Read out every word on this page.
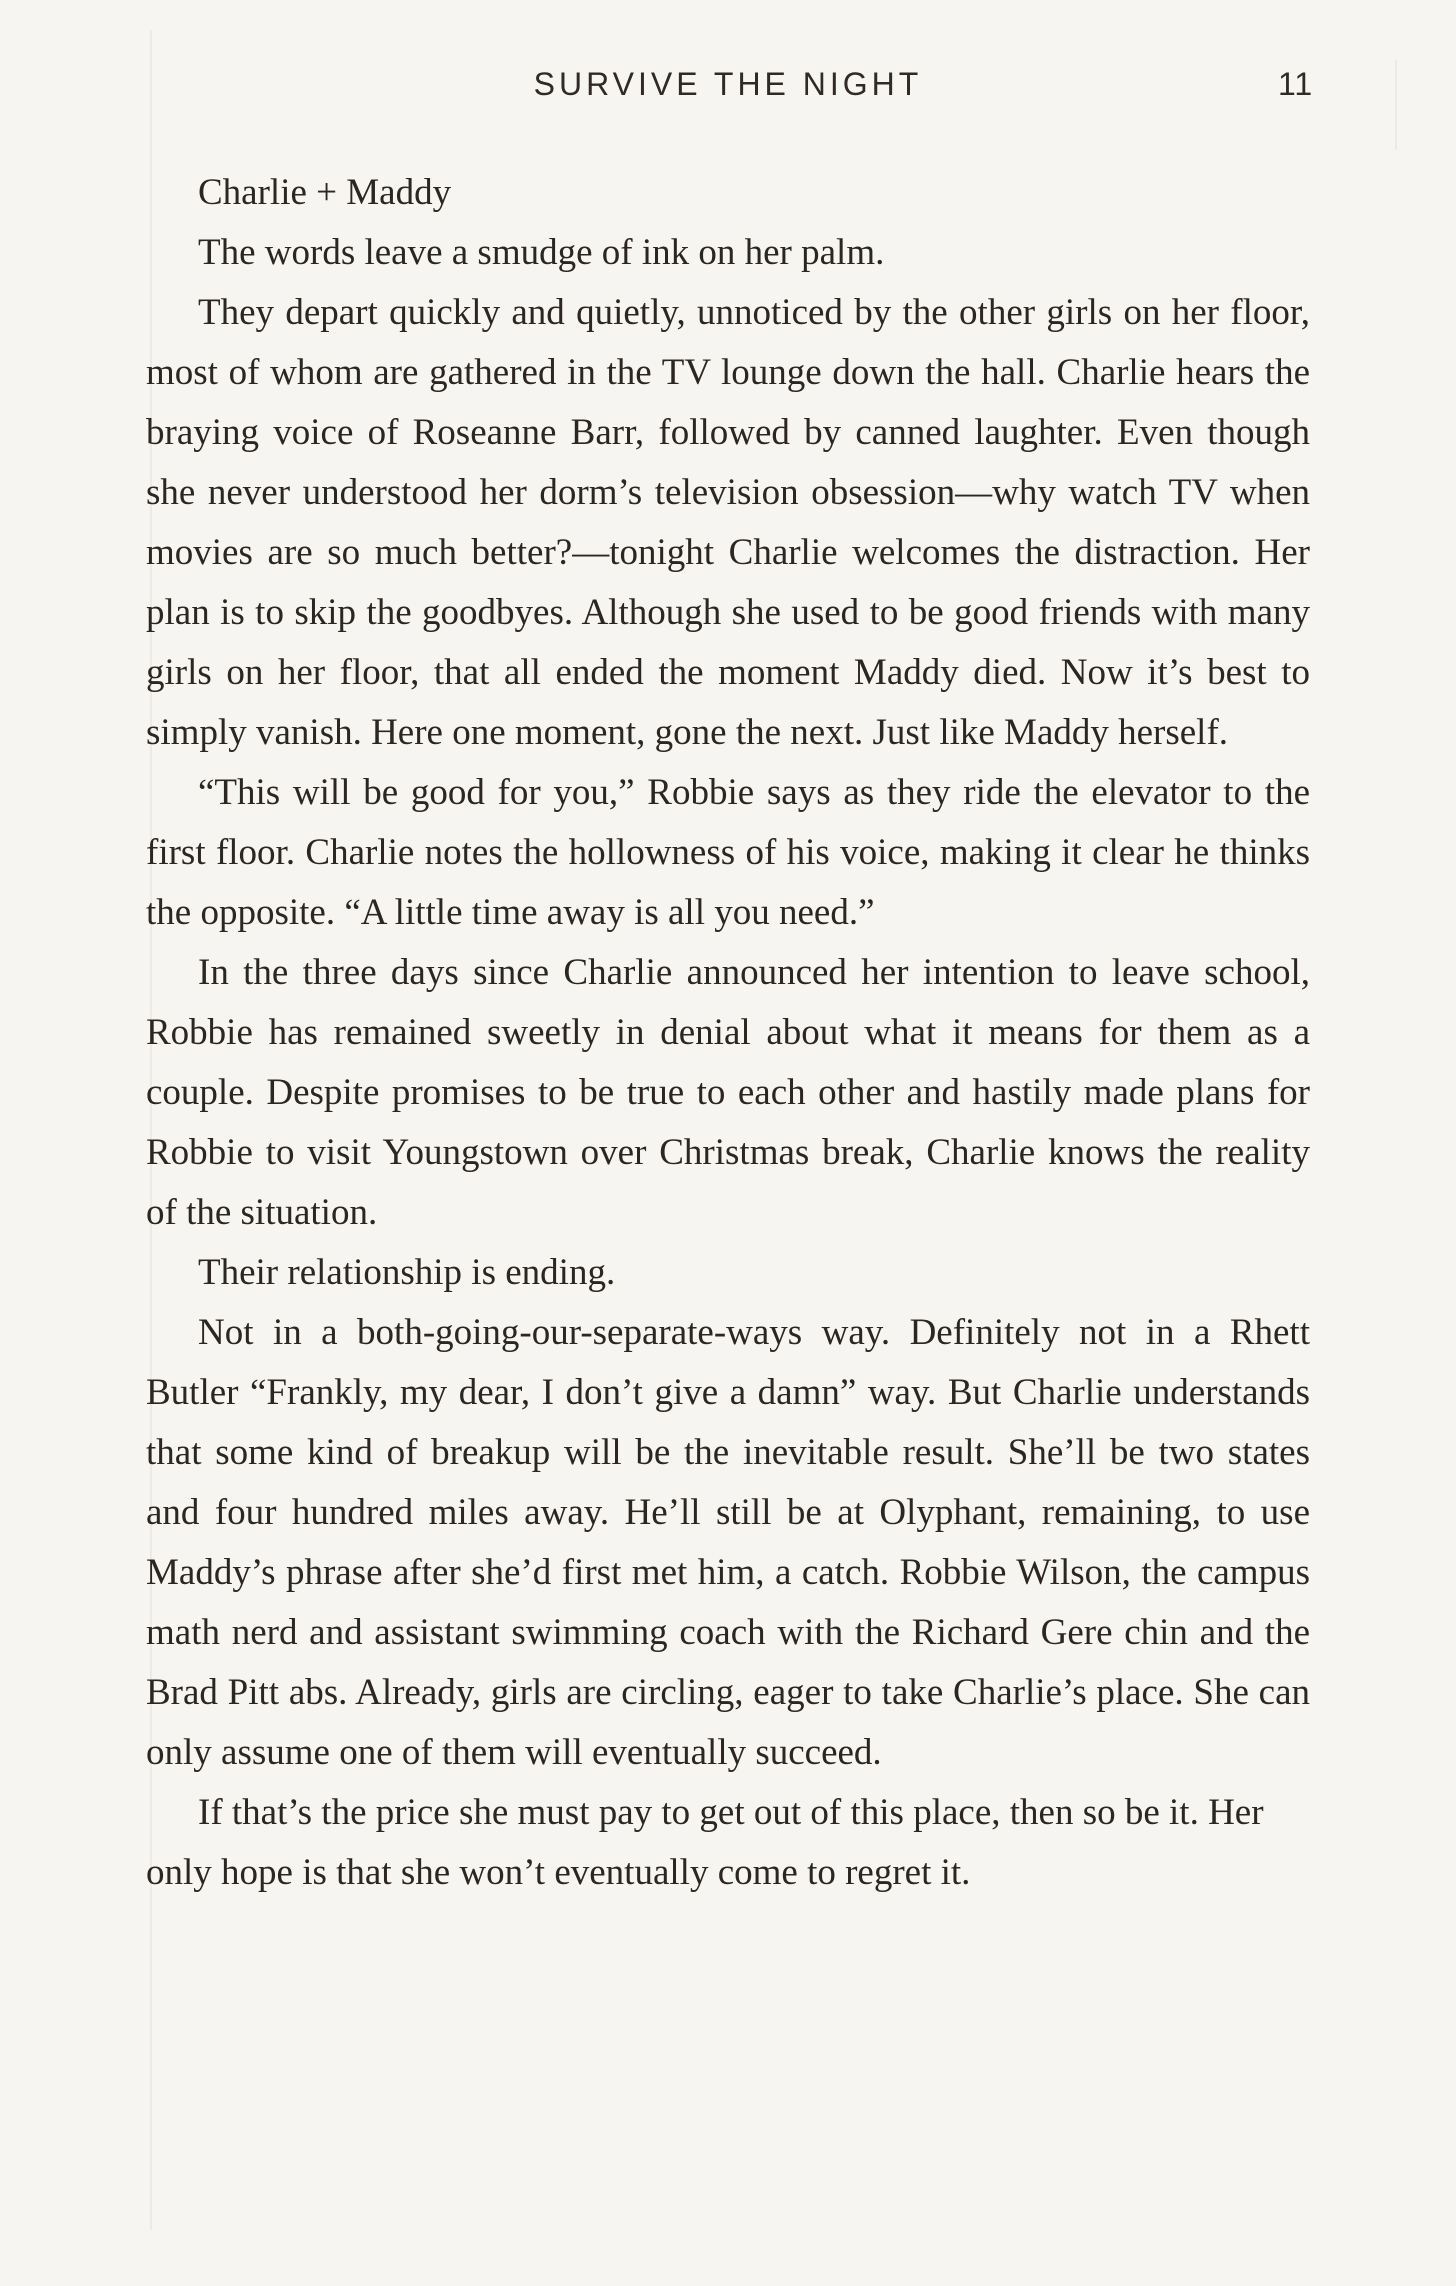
SURVIVE THE NIGHT	11

Charlie + Maddy

The words leave a smudge of ink on her palm.

They depart quickly and quietly, unnoticed by the other girls on her floor, most of whom are gathered in the TV lounge down the hall. Charlie hears the braying voice of Roseanne Barr, followed by canned laughter. Even though she never understood her dorm’s television obsession—why watch TV when movies are so much better?—tonight Charlie welcomes the distraction. Her plan is to skip the goodbyes. Although she used to be good friends with many girls on her floor, that all ended the moment Maddy died. Now it’s best to simply vanish. Here one moment, gone the next. Just like Maddy herself.

“This will be good for you,” Robbie says as they ride the elevator to the first floor. Charlie notes the hollowness of his voice, making it clear he thinks the opposite. “A little time away is all you need.”

In the three days since Charlie announced her intention to leave school, Robbie has remained sweetly in denial about what it means for them as a couple. Despite promises to be true to each other and hastily made plans for Robbie to visit Youngstown over Christmas break, Charlie knows the reality of the situation.

Their relationship is ending.

Not in a both-going-our-separate-ways way. Definitely not in a Rhett Butler “Frankly, my dear, I don’t give a damn” way. But Charlie understands that some kind of breakup will be the inevitable result. She’ll be two states and four hundred miles away. He’ll still be at Olyphant, remaining, to use Maddy’s phrase after she’d first met him, a catch. Robbie Wilson, the campus math nerd and assistant swimming coach with the Richard Gere chin and the Brad Pitt abs. Already, girls are circling, eager to take Charlie’s place. She can only assume one of them will eventually succeed.

If that’s the price she must pay to get out of this place, then so be it. Her only hope is that she won’t eventually come to regret it.
